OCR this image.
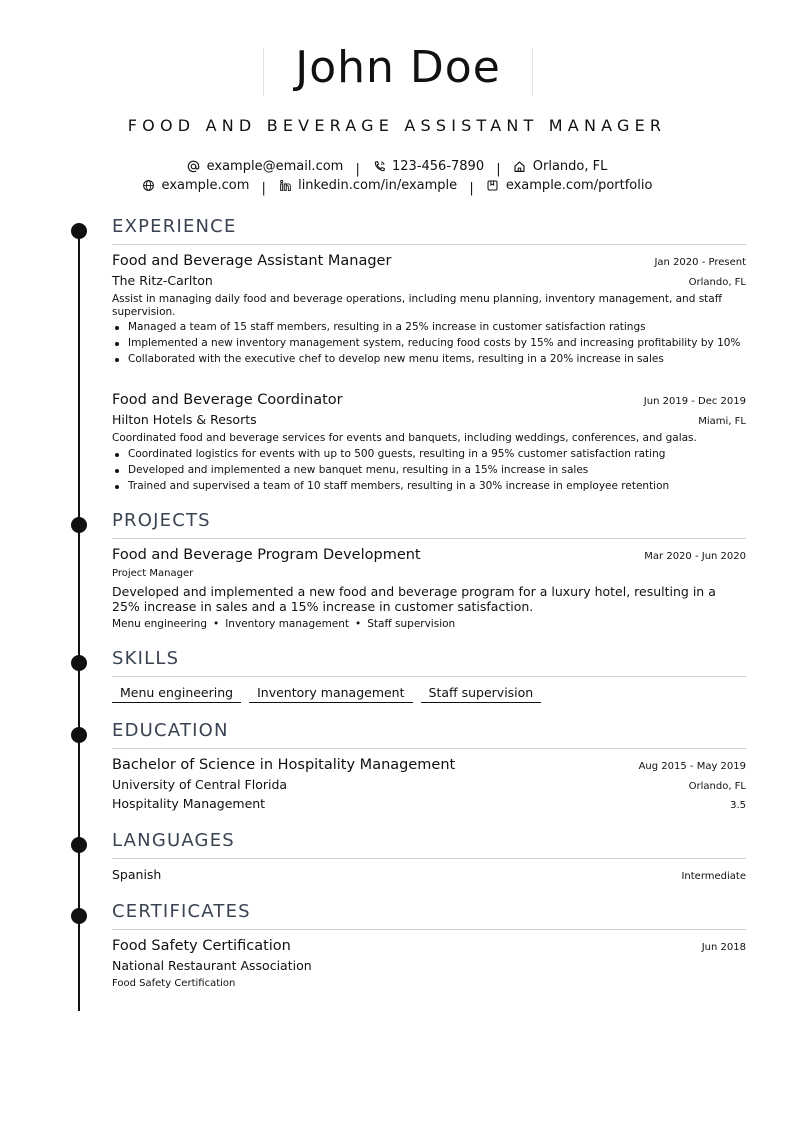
John Doe
FOOD AND BEVERAGE ASSISTANT MANAGER
example@email.com | 123-456-7890 | Orlando, FL
example.com | linkedin.com/in/example | example.com/portfolio
EXPERIENCE
Food and Beverage Assistant Manager	Jan 2020 - Present
The Ritz-Carlton	Orlando, FL
Assist in managing daily food and beverage operations, including menu planning, inventory management, and staff supervision.
Managed a team of 15 staff members, resulting in a 25% increase in customer satisfaction ratings
Implemented a new inventory management system, reducing food costs by 15% and increasing profitability by 10%
Collaborated with the executive chef to develop new menu items, resulting in a 20% increase in sales
Food and Beverage Coordinator	Jun 2019 - Dec 2019
Hilton Hotels & Resorts	Miami, FL
Coordinated food and beverage services for events and banquets, including weddings, conferences, and galas.
Coordinated logistics for events with up to 500 guests, resulting in a 95% customer satisfaction rating
Developed and implemented a new banquet menu, resulting in a 15% increase in sales
Trained and supervised a team of 10 staff members, resulting in a 30% increase in employee retention
PROJECTS
Food and Beverage Program Development	Mar 2020 - Jun 2020
Project Manager
Developed and implemented a new food and beverage program for a luxury hotel, resulting in a 25% increase in sales and a 15% increase in customer satisfaction.
Menu engineering • Inventory management • Staff supervision
SKILLS
Menu engineering	Inventory management	Staff supervision
EDUCATION
Bachelor of Science in Hospitality Management	Aug 2015 - May 2019
University of Central Florida	Orlando, FL
Hospitality Management	3.5
LANGUAGES
Spanish	Intermediate
CERTIFICATES
Food Safety Certification	Jun 2018
National Restaurant Association
Food Safety Certification
